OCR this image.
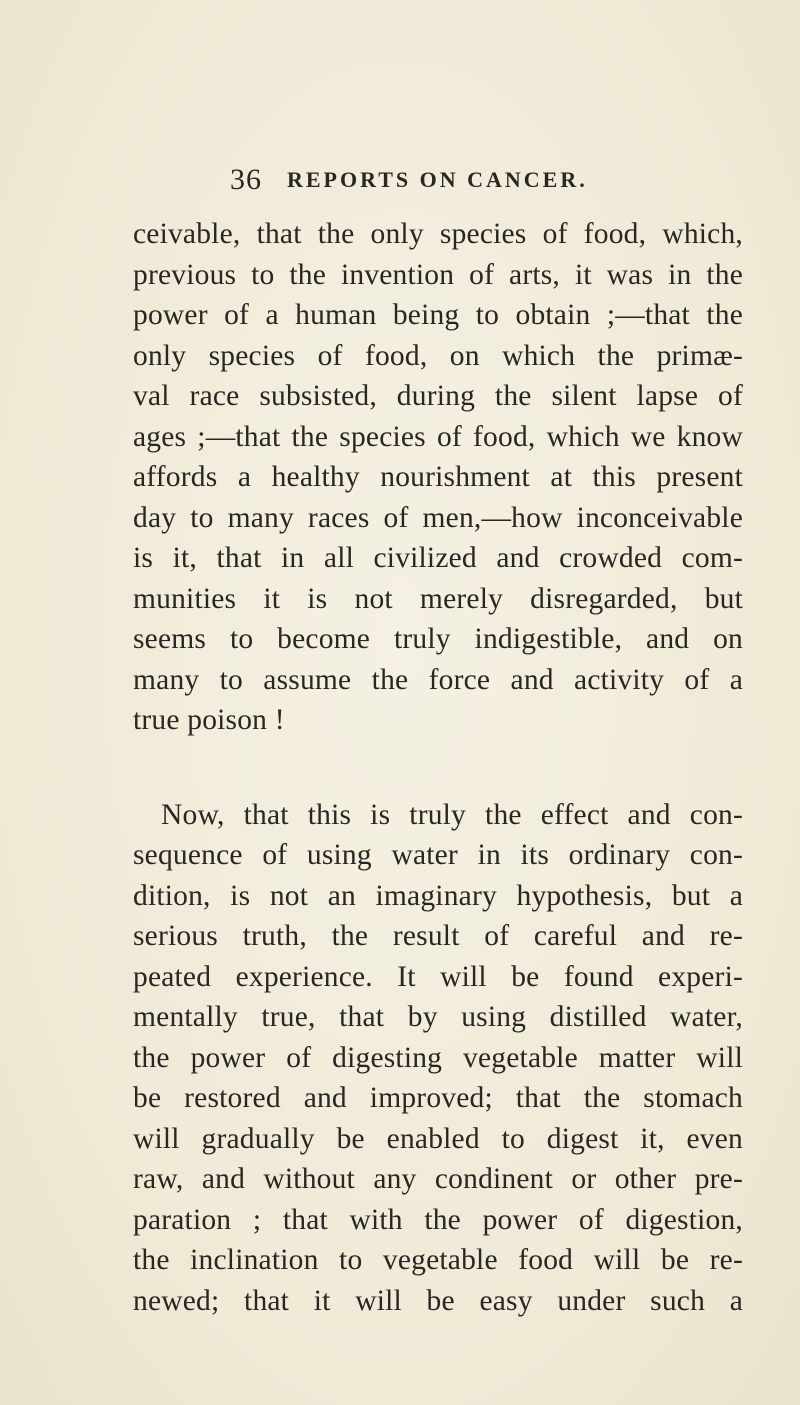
36 REPORTS ON CANCER.
ceivable, that the only species of food, which,
previous to the invention of arts, it was in the
power of a human being to obtain ;—that the
only species of food, on which the primæ-
val race subsisted, during the silent lapse of
ages ;—that the species of food, which we know
affords a healthy nourishment at this present
day to many races of men,—how inconceivable
is it, that in all civilized and crowded com-
munities it is not merely disregarded, but
seems to become truly indigestible, and on
many to assume the force and activity of a
true poison !
Now, that this is truly the effect and con-
sequence of using water in its ordinary con-
dition, is not an imaginary hypothesis, but a
serious truth, the result of careful and re-
peated experience. It will be found experi-
mentally true, that by using distilled water,
the power of digesting vegetable matter will
be restored and improved; that the stomach
will gradually be enabled to digest it, even
raw, and without any condinent or other pre-
paration ; that with the power of digestion,
the inclination to vegetable food will be re-
newed; that it will be easy under such a
